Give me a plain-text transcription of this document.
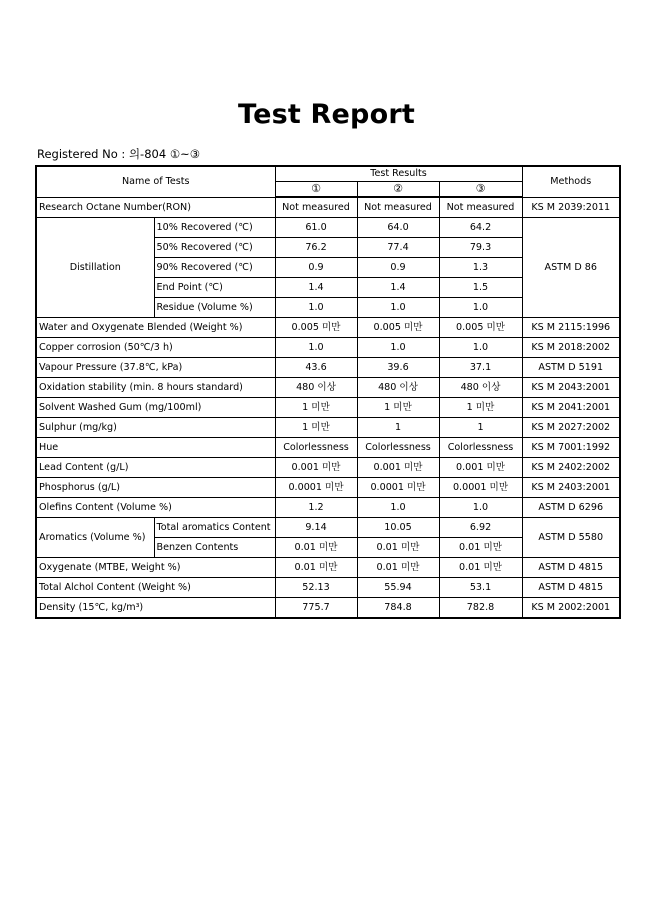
Test Report
Registered No : 의-804 ①~③
Name of Tests		Test Results			Methods
		①	②	③	
Research Octane Number(RON)		Not measured	Not measured	Not measured	KS M 2039:2011
Distillation	10% Recovered (℃)	61.0	64.0	64.2	ASTM D 86
	50% Recovered (℃)	76.2	77.4	79.3	
	90% Recovered (℃)	0.9	0.9	1.3	
	End Point (℃)	1.4	1.4	1.5	
	Residue (Volume %)	1.0	1.0	1.0	
Water and Oxygenate Blended (Weight %)		0.005 미만	0.005 미만	0.005 미만	KS M 2115:1996
Copper corrosion (50℃/3 h)		1.0	1.0	1.0	KS M 2018:2002
Vapour Pressure (37.8℃, kPa)		43.6	39.6	37.1	ASTM D 5191
Oxidation stability (min. 8 hours standard)		480 이상	480 이상	480 이상	KS M 2043:2001
Solvent Washed Gum (mg/100ml)		1 미만	1 미만	1 미만	KS M 2041:2001
Sulphur (mg/kg)		1 미만	1	1	KS M 2027:2002
Hue		Colorlessness	Colorlessness	Colorlessness	KS M 7001:1992
Lead Content (g/L)		0.001 미만	0.001 미만	0.001 미만	KS M 2402:2002
Phosphorus (g/L)		0.0001 미만	0.0001 미만	0.0001 미만	KS M 2403:2001
Olefins Content (Volume %)		1.2	1.0	1.0	ASTM D 6296
Aromatics (Volume %)	Total aromatics Content	9.14	10.05	6.92	ASTM D 5580
	Benzen Contents	0.01 미만	0.01 미만	0.01 미만	
Oxygenate (MTBE, Weight %)		0.01 미만	0.01 미만	0.01 미만	ASTM D 4815
Total Alchol Content (Weight %)		52.13	55.94	53.1	ASTM D 4815
Density (15℃, kg/m³)		775.7	784.8	782.8	KS M 2002:2001
